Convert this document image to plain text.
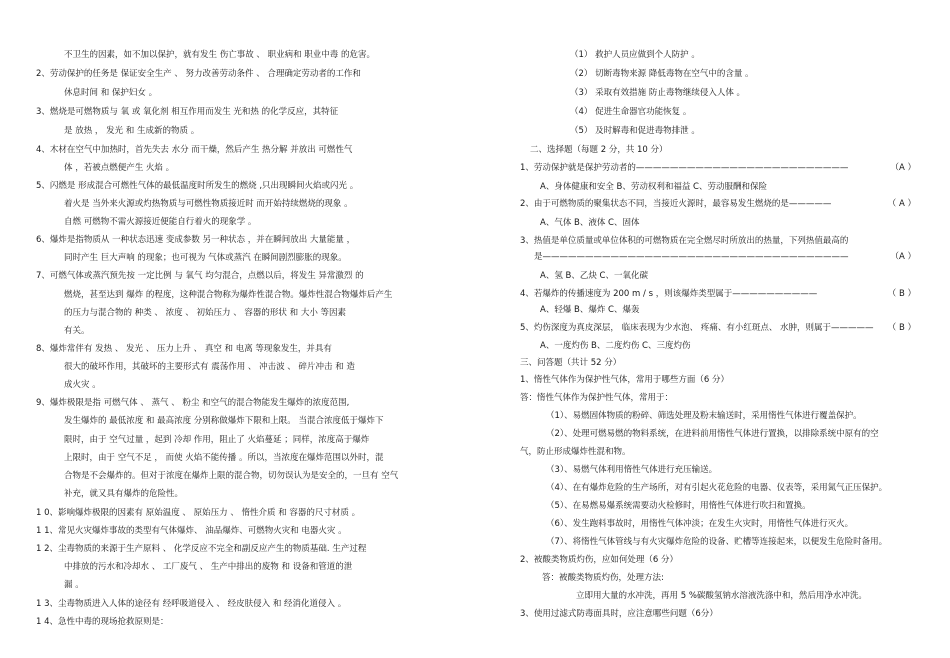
不卫生的因素，如不加以保护，就有发生 伤亡事故 、 职业病和 职业中毒 的危害。
2、劳动保护的任务是 保证安全生产 、 努力改善劳动条件 、 合理确定劳动者的工作和
休息时间 和 保护妇女 。
3、燃烧是可燃物质与 氧 或 氧化剂 相互作用而发生 光和热 的化学反应，其特征
是 放热 ， 发光 和 生成新的物质 。
4、木材在空气中加热时，首先失去 水分 而干燥，然后产生 热分解 并放出 可燃性气
体 ，若被点燃便产生 火焰 。
5、闪燃是 形成混合可燃性气体的最低温度时所发生的燃烧 ,只出现瞬间火焰或闪光 。
着火是 当外来火源或灼热物质与可燃性物质接近时 而开始持续燃烧的现象 。
自燃 可燃物不需火源接近便能自行着火的现象学 。
6、爆炸是指物质从 一种状态迅速 变成参数 另一种状态 ，并在瞬间放出 大量能量 ，
同时产生 巨大声响 的现象；也可视为 气体或蒸汽 在瞬间剧烈膨胀的现象。
7、可燃气体或蒸汽预先按 一定比例 与 氧气 均匀混合，点燃以后，将发生 异常激烈 的
燃烧，甚至达到 爆炸 的程度，这种混合物称为爆炸性混合物。爆炸性混合物爆炸后产生
的压力与混合物的 种类 、 浓度 、 初始压力 、 容器的形状 和 大小 等因素
有关。
8、爆炸常伴有 发热 、 发光 、 压力上升 、 真空 和 电离 等现象发生，并具有
很大的破坏作用，其破坏的主要形式有 震荡作用 、 冲击波 、 碎片冲击 和 造
成火灾 。
9、爆炸极限是指 可燃气体 、 蒸气 、 粉尘 和空气的混合物能发生爆炸的浓度范围,
发生爆炸的 最低浓度 和 最高浓度 分别称做爆炸下限和上限。 当混合浓度低于爆炸下
限时，由于 空气过量 ，起到 冷却 作用，阻止了 火焰蔓延 ；同样，浓度高于爆炸
上限时，由于 空气不足 ， 而使 火焰不能传播 。所以，当浓度在爆炸范围以外时，混
合物是不会爆炸的。但对于浓度在爆炸上限的混合物，切勿误认为是安全的，一旦有 空气
补充，就又具有爆炸的危险性。
1 0、影响爆炸极限的因素有 原始温度 、 原始压力 、 惰性介质 和 容器的尺寸材质 。
1 1、常见火灾爆炸事故的类型有气体爆炸、 油品爆炸、可燃物火灾和 电器火灾 。
1 2、尘毒物质的来源于生产原料 、 化学反应不完全和副反应产生的物质基础. 生产过程
中排放的污水和冷却水 、 工厂废气 、 生产中排出的废物 和 设备和管道的泄
漏 。
1 3、尘毒物质进入人体的途径有 经呼吸道侵入 、 经皮肤侵入 和 经消化道侵入 。
1 4、急性中毒的现场抢救原则是：
（1） 救护人员应做到个人防护 。
（2） 切断毒物来源 降低毒物在空气中的含量 。
（3） 采取有效措施 防止毒物继续侵入人体 。
（4） 促进生命器官功能恢复 。
（5） 及时解毒和促进毒物排泄 。
二、选择题（每题 2 分，共 10 分）
1、劳动保护就是保护劳动者的—————————————————————————
A、身体健康和安全 B、劳动权利和福益 C、劳动服酬和保险
2、由于可燃物质的聚集状态不同，当接近火源时，最容易发生燃烧的是—————
A、气体 B、液体 C、固体
3、热值是单位质量或单位体积的可燃物质在完全燃尽时所放出的热量，下列热值最高的
是————————————————————————————————————
A、氢 B、乙炔 C、一氧化碳
4、若爆炸的传播速度为 200 m / s ，则该爆炸类型属于——————————
A、轻爆 B、爆炸 C、爆轰
5、灼伤深度为真皮深层， 临床表现为少水泡、 疼痛、有小红斑点、 水肿，则属于—————
A、一度灼伤 B、二度灼伤 C、三度灼伤
三、问答题（共计 52 分）
1、惰性气体作为保护性气体，常用于哪些方面（6 分）
答：惰性气体作为保护性气体，常用于：
（1）、易燃固体物质的粉碎、筛选处理及粉末输送时，采用惰性气体进行覆盖保护。
（2）、处理可燃易燃的物料系统，在进料前用惰性气体进行置换，以排除系统中原有的空
气，防止形成爆炸性混和物。
（3）、易燃气体利用惰性气体进行充压输送。
（4）、在有爆炸危险的生产场所，对有引起火花危险的电器、仪表等，采用氮气正压保护。
（5）、在易燃易爆系统需要动火检修时，用惰性气体进行吹扫和置换。
（6）、发生跑料事故时，用惰性气体冲淡；在发生火灾时，用惰性气体进行灭火。
（7）、将惰性气体管线与有火灾爆炸危险的设备、贮槽等连接起来，以便发生危险时备用。
2、被酸类物质灼伤，应如何处理（6 分）
答：被酸类物质灼伤，处理方法:
立即用大量的水冲洗，再用 5 %碳酸氢钠水溶液洗涤中和，然后用净水冲洗。
3、使用过滤式防毒面具时，应注意哪些问题（6分）
（A ）
（ A ）
（A ）
（ B ）
（ B ）
